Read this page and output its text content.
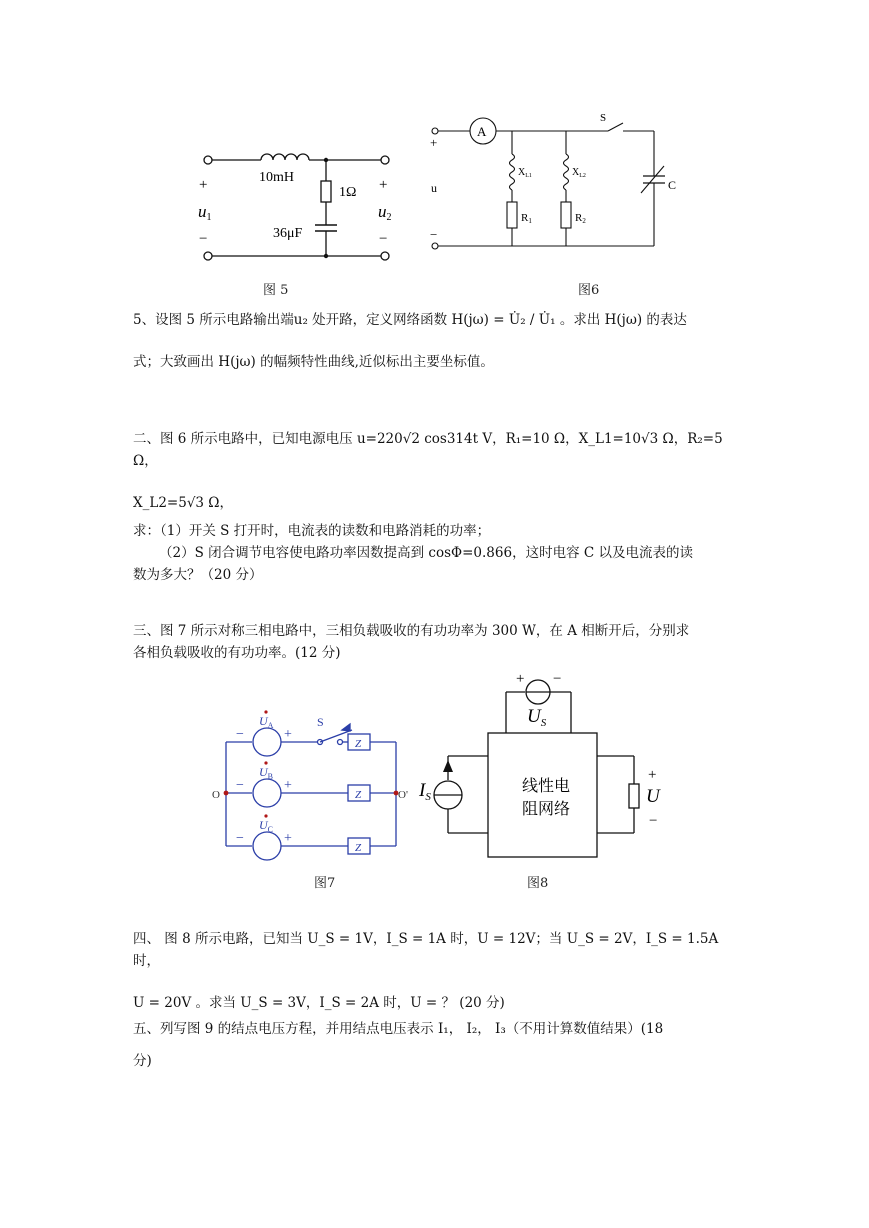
10mH
1Ω
36μF
+
−
+
−
u1	u2
图 5
A
S
+
−
u
$X_{L1}$	$X_{L2}$
R1	R2
C
图6
5、设图 5 所示电路输出端u₂ 处开路，定义网络函数 H(jω) = U̇₂ / U̇₁ 。求出 H(jω) 的表达
式；大致画出 H(jω) 的幅频特性曲线,近似标出主要坐标值。
二、图 6 所示电路中，已知电源电压 u=220√2 cos314t V，R₁=10 Ω，X_L1=10√3 Ω，R₂=5 Ω，
X_L2=5√3 Ω，
求：（1）开关 S 打开时，电流表的读数和电路消耗的功率；
（2）S 闭合调节电容使电路功率因数提高到 cosΦ=0.866，这时电容 C 以及电流表的读
数为多大？（20 分）
三、图 7 所示对称三相电路中，三相负载吸收的有功功率为 300 W，在 A 相断开后，分别求
各相负载吸收的有功功率。(12 分)
$U_A$
$U_B$
$U_C$
S
Z
Z
Z
−	+
−	+
−	+
O	O'
图7
+ −
$U_S$
$I_S$
线性电
阻网络
+
U
−
图8
四、 图 8 所示电路，已知当 U_S = 1V，I_S = 1A 时，U = 12V；当 U_S = 2V，I_S = 1.5A 时，
U = 20V 。求当 U_S = 3V，I_S = 2A 时，U = ？ (20 分)
五、列写图 9 的结点电压方程，并用结点电压表示 I₁， I₂， I₃（不用计算数值结果）(18
分)
